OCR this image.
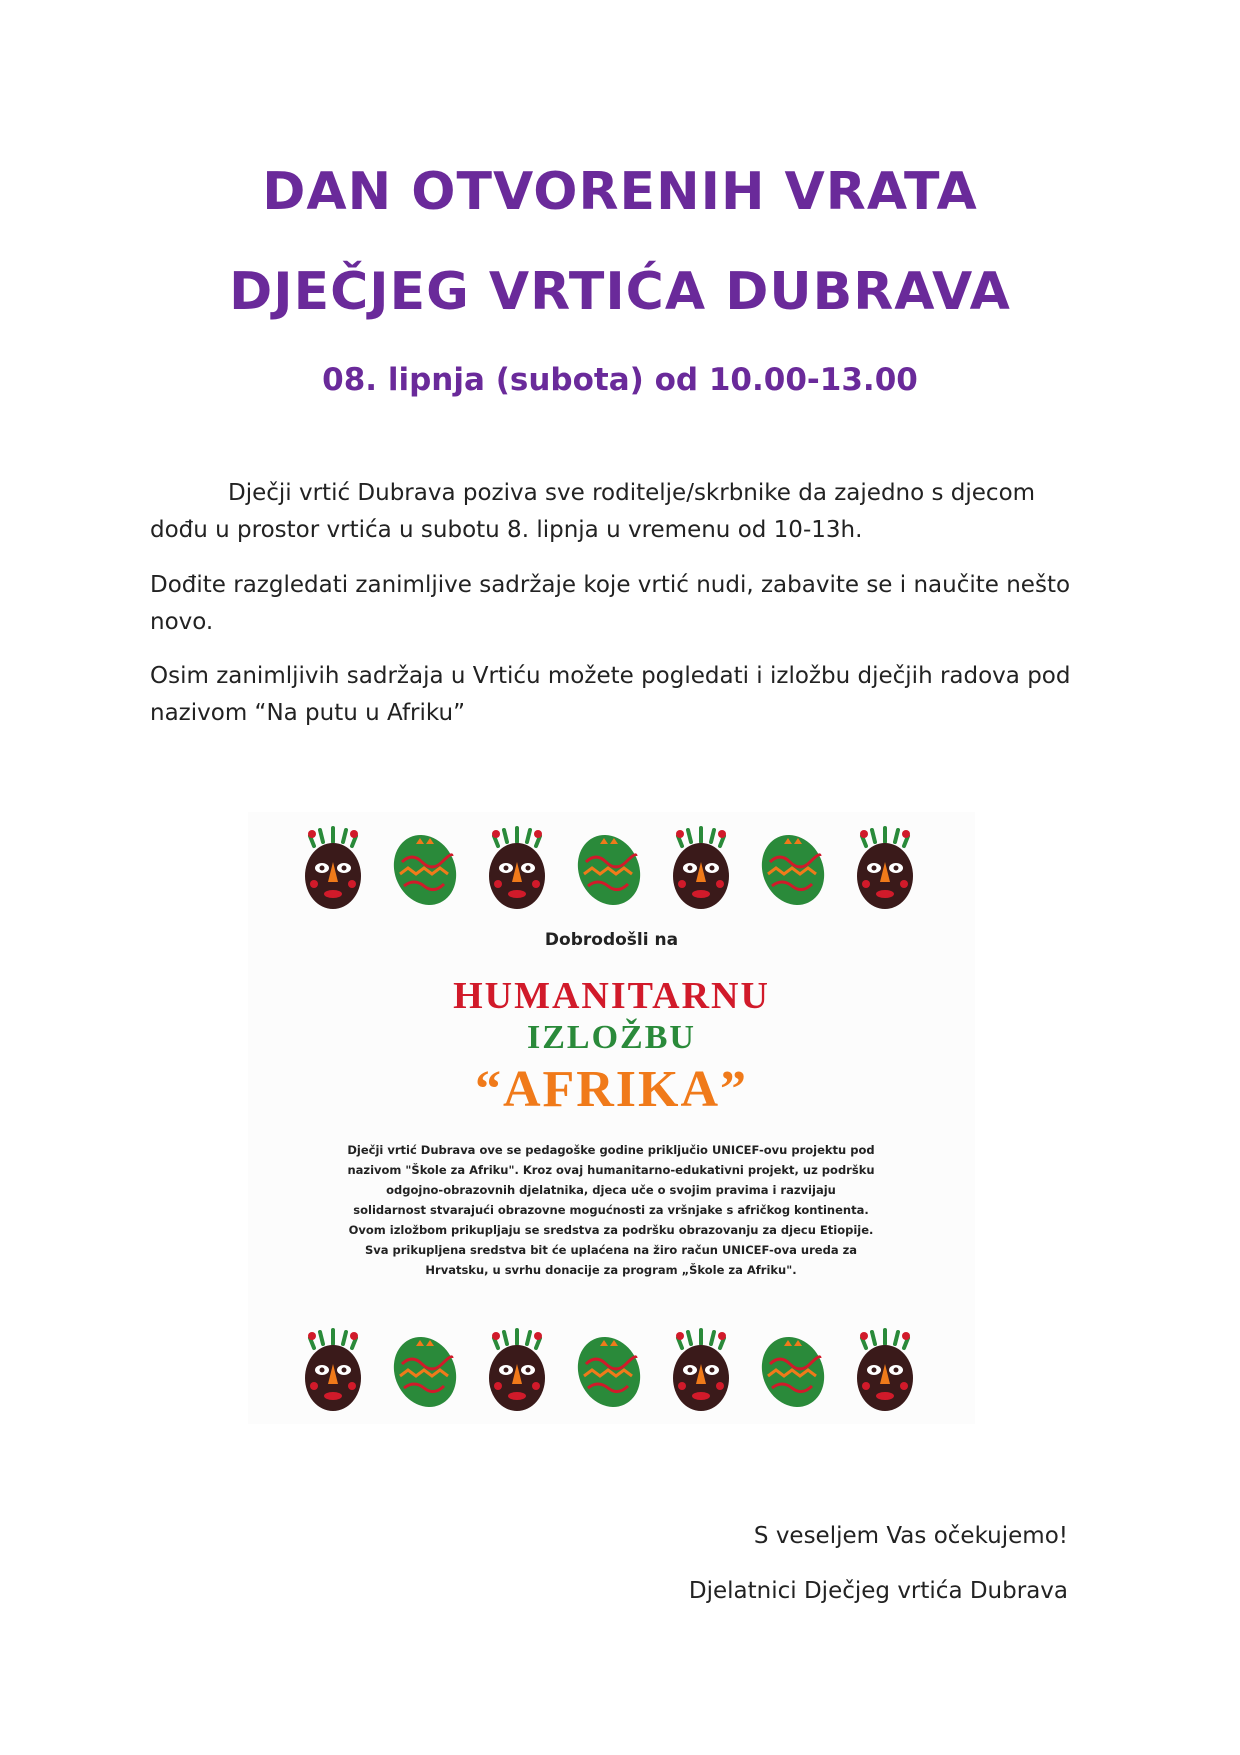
DAN OTVORENIH VRATA
DJEČJEG VRTIĆA DUBRAVA
08. lipnja (subota) od 10.00-13.00
Dječji vrtić Dubrava poziva sve roditelje/skrbnike da zajedno s djecom
dođu u prostor vrtića u subotu 8. lipnja u vremenu od 10-13h.
Dođite razgledati zanimljive sadržaje koje vrtić nudi, zabavite se i naučite nešto
novo.
Osim zanimljivih sadržaja u Vrtiću možete pogledati i izložbu dječjih radova pod
nazivom “Na putu u Afriku”
Dobrodošli na
HUMANITARNU
IZLOŽBU
“AFRIKA”
Dječji vrtić Dubrava ove se pedagoške godine priključio UNICEF-ovu projektu pod
nazivom "Škole za Afriku". Kroz ovaj humanitarno-edukativni projekt, uz podršku
odgojno-obrazovnih djelatnika, djeca uče o svojim pravima i razvijaju
solidarnost stvarajući obrazovne mogućnosti za vršnjake s afričkog kontinenta.
Ovom izložbom prikupljaju se sredstva za podršku obrazovanju za djecu Etiopije.
Sva prikupljena sredstva bit će uplaćena na žiro račun UNICEF-ova ureda za
Hrvatsku, u svrhu donacije za program „Škole za Afriku".
S veseljem Vas očekujemo!
Djelatnici Dječjeg vrtića Dubrava
